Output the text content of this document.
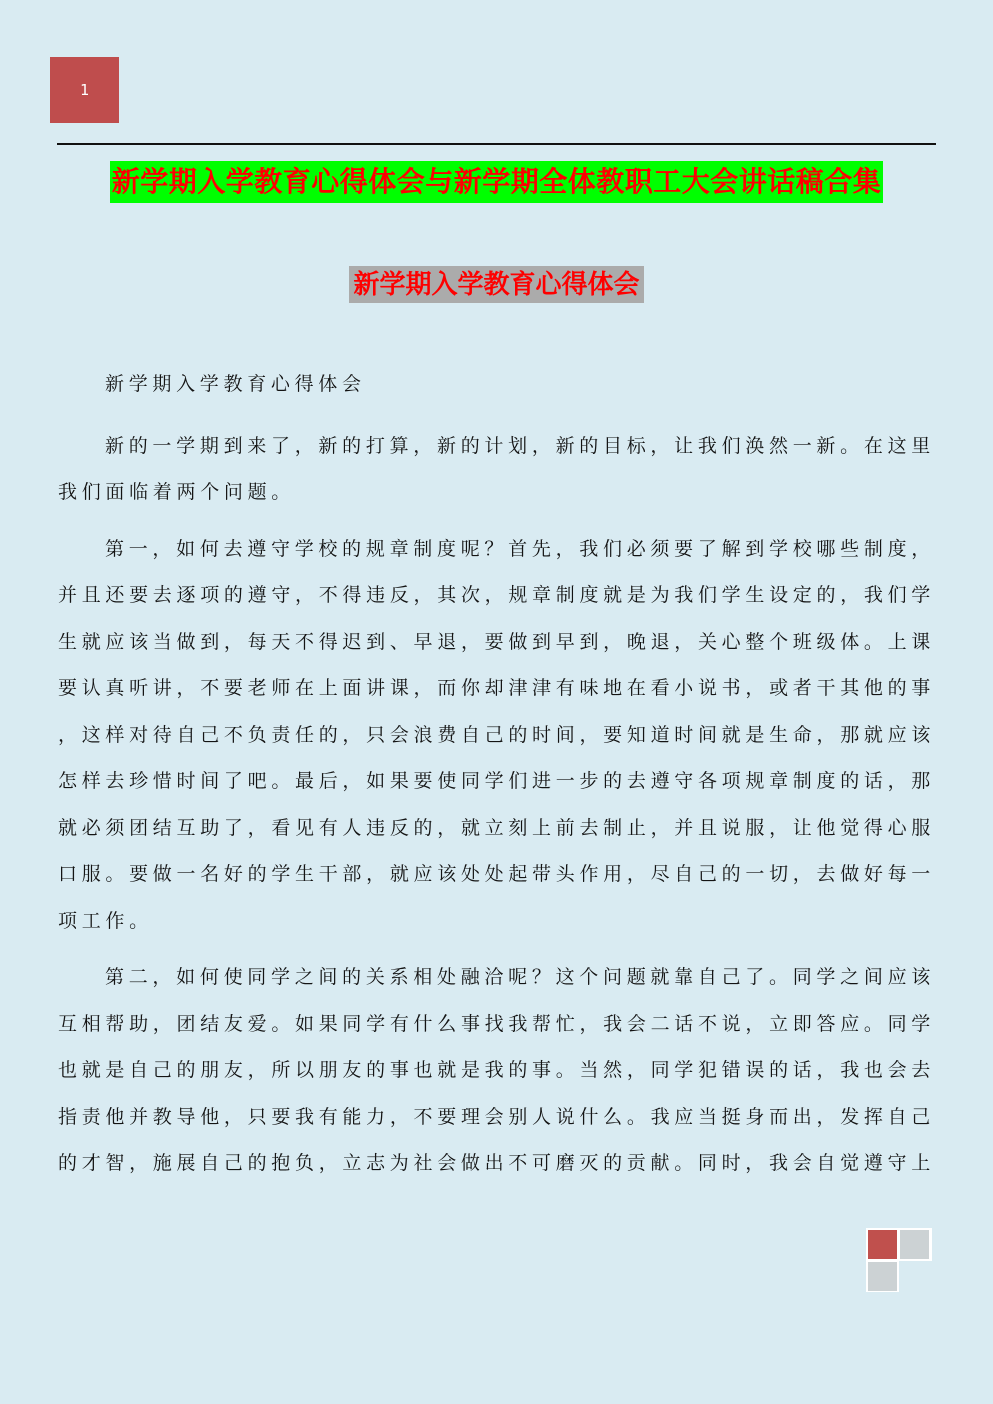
1
新学期入学教育心得体会与新学期全体教职工大会讲话稿合集
新学期入学教育心得体会

新学期入学教育心得体会

新的一学期到来了，新的打算，新的计划，新的目标，让我们涣然一新。在这里我们面临着两个问题。

第一，如何去遵守学校的规章制度呢？首先，我们必须要了解到学校哪些制度，并且还要去逐项的遵守，不得违反，其次，规章制度就是为我们学生设定的，我们学生就应该当做到，每天不得迟到、早退，要做到早到，晚退，关心整个班级体。上课要认真听讲，不要老师在上面讲课，而你却津津有味地在看小说书，或者干其他的事，这样对待自己不负责任的，只会浪费自己的时间，要知道时间就是生命，那就应该怎样去珍惜时间了吧。最后，如果要使同学们进一步的去遵守各项规章制度的话，那就必须团结互助了，看见有人违反的，就立刻上前去制止，并且说服，让他觉得心服口服。要做一名好的学生干部，就应该处处起带头作用，尽自己的一切，去做好每一项工作。

第二，如何使同学之间的关系相处融洽呢？这个问题就靠自己了。同学之间应该互相帮助，团结友爱。如果同学有什么事找我帮忙，我会二话不说，立即答应。同学也就是自己的朋友，所以朋友的事也就是我的事。当然，同学犯错误的话，我也会去指责他并教导他，只要我有能力，不要理会别人说什么。我应当挺身而出，发挥自己的才智，施展自己的抱负，立志为社会做出不可磨灭的贡献。同时，我会自觉遵守上
